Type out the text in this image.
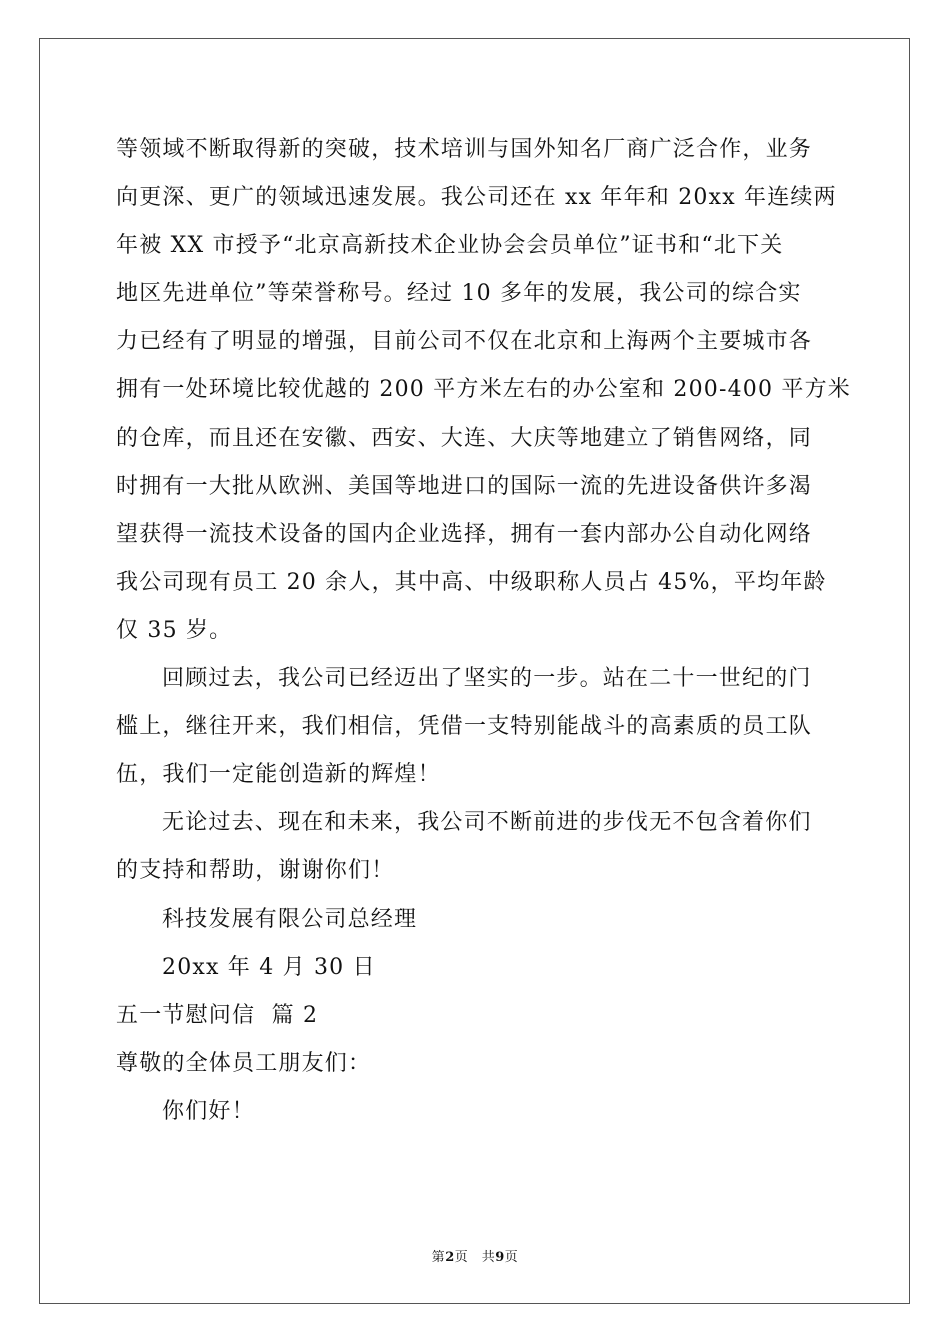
等领域不断取得新的突破，技术培训与国外知名厂商广泛合作，业务
向更深、更广的领域迅速发展。我公司还在 xx 年年和 20xx 年连续两
年被 XX 市授予“北京高新技术企业协会会员单位”证书和“北下关
地区先进单位”等荣誉称号。经过 10 多年的发展，我公司的综合实
力已经有了明显的增强，目前公司不仅在北京和上海两个主要城市各
拥有一处环境比较优越的 200 平方米左右的办公室和 200-400 平方米
的仓库，而且还在安徽、西安、大连、大庆等地建立了销售网络，同
时拥有一大批从欧洲、美国等地进口的国际一流的先进设备供许多渴
望获得一流技术设备的国内企业选择，拥有一套内部办公自动化网络
我公司现有员工 20 余人，其中高、中级职称人员占 45%，平均年龄
仅 35 岁。
回顾过去，我公司已经迈出了坚实的一步。站在二十一世纪的门
槛上，继往开来，我们相信，凭借一支特别能战斗的高素质的员工队
伍，我们一定能创造新的辉煌！
无论过去、现在和未来，我公司不断前进的步伐无不包含着你们
的支持和帮助，谢谢你们！
科技发展有限公司总经理
20xx 年 4 月 30 日
五一节慰问信  篇 2
尊敬的全体员工朋友们：
你们好！
第2页　共9页
